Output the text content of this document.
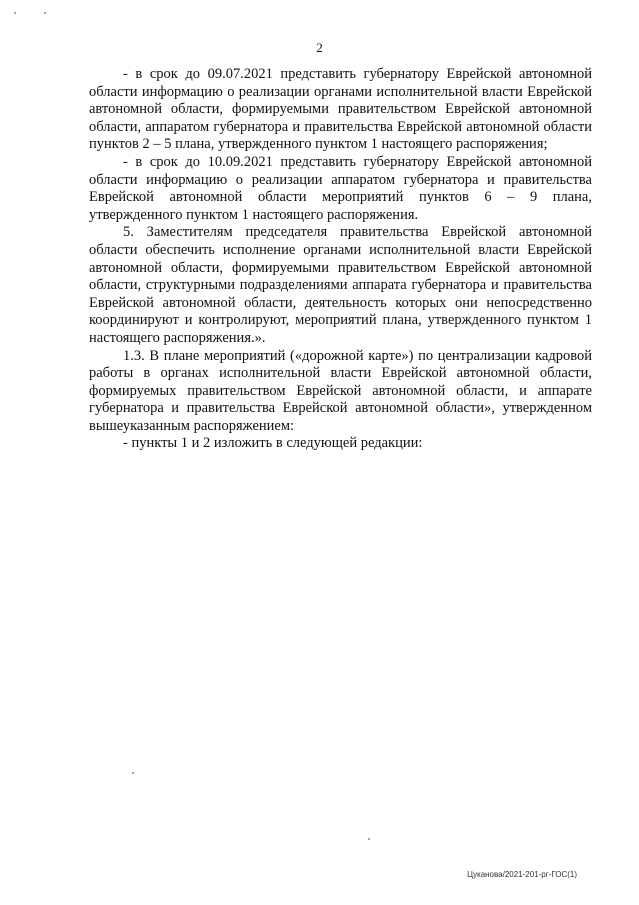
2

- в срок до 09.07.2021 представить губернатору Еврейской автономной области информацию о реализации органами исполнительной власти Еврейской автономной области, формируемыми правительством Еврейской автономной области, аппаратом губернатора и правительства Еврейской автономной области пунктов 2 – 5 плана, утвержденного пунктом 1 настоящего распоряжения;

- в срок до 10.09.2021 представить губернатору Еврейской автономной области информацию о реализации аппаратом губернатора и правительства Еврейской автономной области мероприятий пунктов 6 – 9 плана, утвержденного пунктом 1 настоящего распоряжения.

5. Заместителям председателя правительства Еврейской автономной области обеспечить исполнение органами исполнительной власти Еврейской автономной области, формируемыми правительством Еврейской автономной области, структурными подразделениями аппарата губернатора и правительства Еврейской автономной области, деятельность которых они непосредственно координируют и контролируют, мероприятий плана, утвержденного пунктом 1 настоящего распоряжения.».

1.3. В плане мероприятий («дорожной карте») по централизации кадровой работы в органах исполнительной власти Еврейской автономной области, формируемых правительством Еврейской автономной области, и аппарате губернатора и правительства Еврейской автономной области», утвержденном вышеуказанным распоряжением:

- пункты 1 и 2 изложить в следующей редакции:

Цуканова/2021-201-рг-ГОС(1)
